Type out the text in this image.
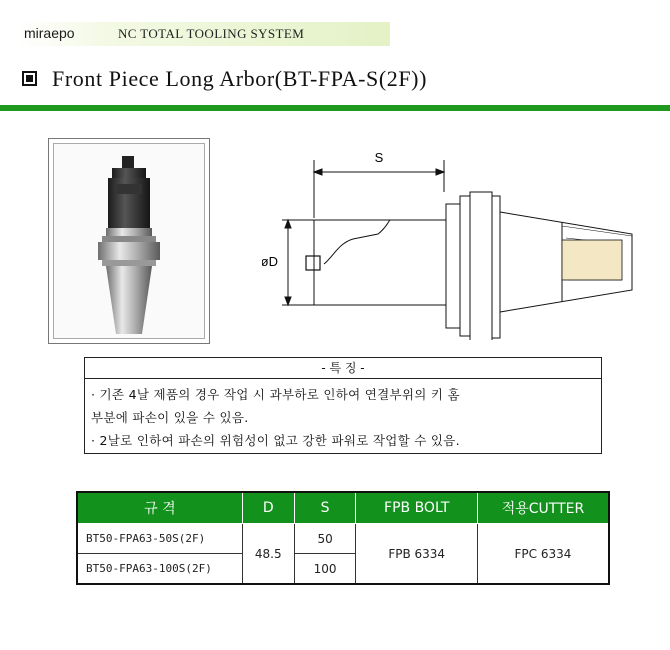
miraepo	NC TOTAL TOOLING SYSTEM
Front Piece Long Arbor(BT-FPA-S(2F))
S
øD
- 특 징 -
· 기존 4날 제품의 경우 작업 시 과부하로 인하여 연결부위의 키 홈
부분에 파손이 있을 수 있음.
· 2날로 인하여 파손의 위험성이 없고 강한 파워로 작업할 수 있음.
규 격	D	S	FPB BOLT	적용CUTTER
BT50-FPA63-50S(2F)	48.5	50	FPB 6334	FPC 6334
BT50-FPA63-100S(2F)		100		
